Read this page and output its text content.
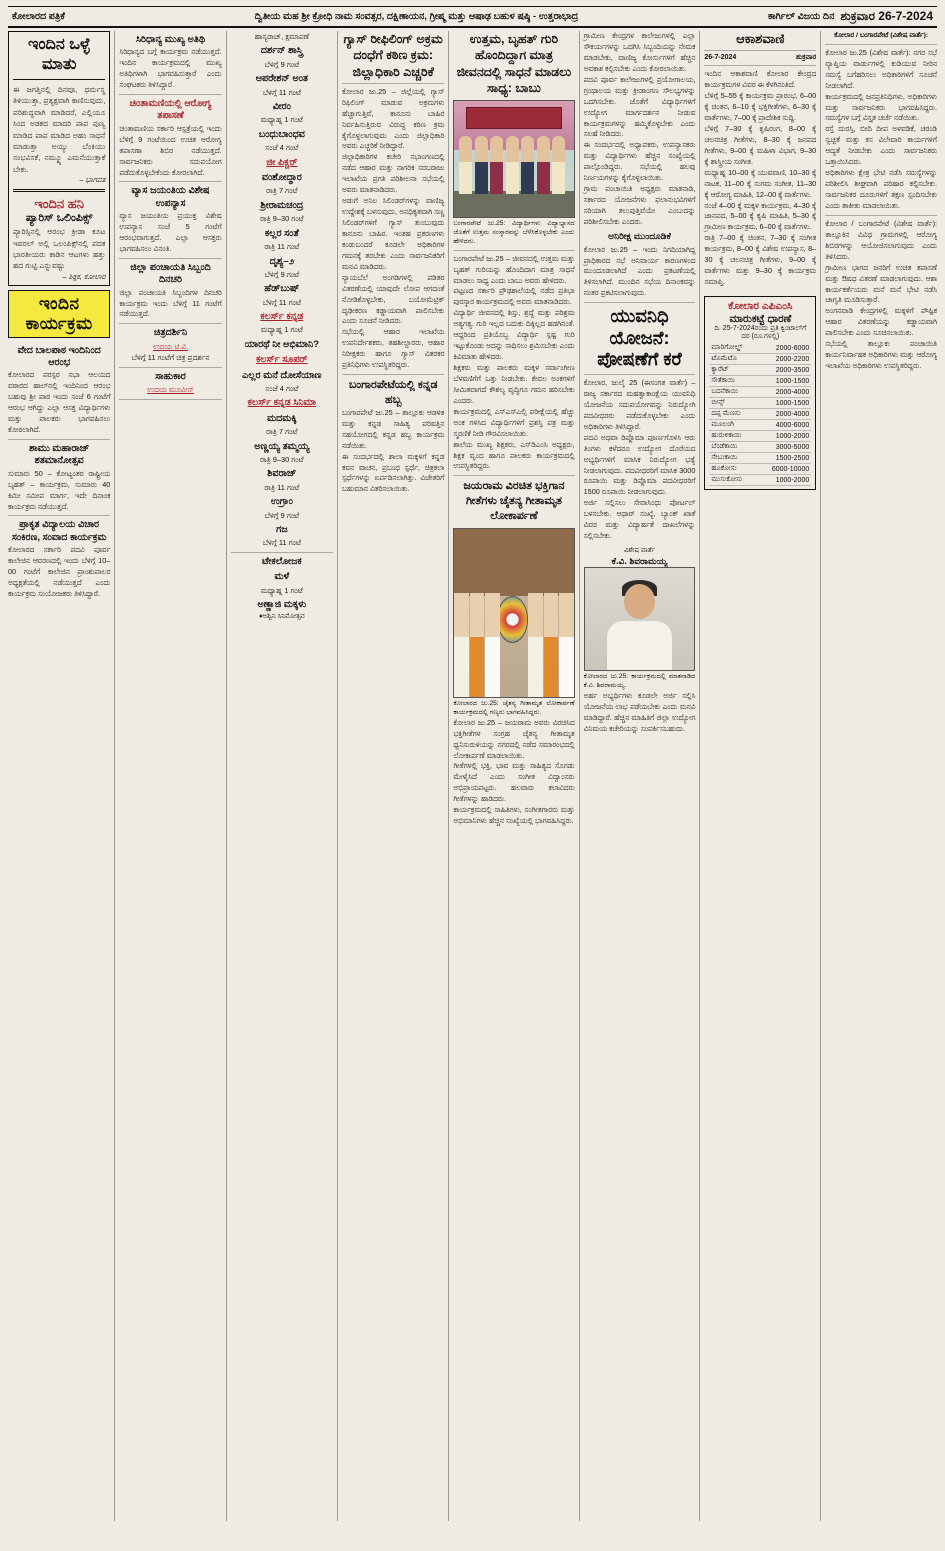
ಕೋಲಾರದ ಪತ್ರಿಕೆ	ದ್ವಿತೀಯ ಮಹ ಶ್ರೀ ಕ್ರೋಧಿ ನಾಮ ಸಂವತ್ಸರ, ದಕ್ಷಿಣಾಯನ, ಗ್ರೀಷ್ಮ ಮತ್ತು ಆಷಾಢ ಬಹುಳ ಷಷ್ಠಿ - ಉತ್ತರಾಭಾದ್ರ	ಕಾರ್ಗಿಲ್ ವಿಜಯ ದಿನ ಶುಕ್ರವಾರ 26-7-2024
ಇಂದಿನ ಒಳ್ಳೆ ಮಾತು
ಈ ಜಗತ್ತಿನಲ್ಲಿ ದಿನವೂ, ಧರ್ಮಸ್ಥ ತಿಳಿಯುತ್ತಾ, ಪ್ರತ್ಯಕ್ಷವಾಗಿ ಕಾಣಿಸುವುದು, ಪರಿಶುದ್ಧವಾಗಿ ಮಾಡಿದರೆ, ಎಲ್ಲಿಯೂ ಸಿಂದ ಅಡಕದ ಮಾದರಿ ಪಾಪ ಪುಣ್ಯ ಮಾಡಿದ ಪಾಪ ಮಾಡಿದ ಅಹಂ ಸಾಧನೆ ಮಾಡುತ್ತಾ ಅಯ್ಯು ಬೆಂಕಿಯು ಸಂಭವಿಸಕೆ, ನಮ್ಮ್ಯೂ ಎಮನೆಯುತ್ತಾಕೆ ಬೇಕು.
– ಭಾಗವತ
ಇಂದಿನ ಹನಿ
ಪ್ಯಾರಿಸ್ ಒಲಿಂಪಿಕ್ಸ್
ಪ್ಯಾರಿಸ್ಸಿನಲ್ಲಿ ಆರಂಭ ಕ್ರೀಡಾ ಕೂಟ ಇವರಲ್ ಅಲ್ಲಿ ಒಲಂಪಿಕ್ಸ್‌ನಲ್ಲಿ ಪದಕ ಭಾರತೀಯರು ಕಾಡಿನ ಆಟಗಳು ಹತ್ತು ಹದ ಗುಟ್ಟಿ ಎನ್ನುವಷ್ಟು
– ಶಿಕ್ಷಕ, ಕೋಲಾರ
ಇಂದಿನ ಕಾರ್ಯಕ್ರಮ
ವೇದ ಬಾಲಪಾಠ ಇಂದಿನಿಂದ ಆರಂಭ
ಕೋಲಾರದ ಪರಸ್ಪರ ಸಭಾ ಆಲಯದ ವಠಾರದ ಹಾಲ್‌ನಲ್ಲಿ ಇಂದಿನಿಂದ ಆರಂಭ ಬಹುವು ಶ್ರೀ ಪಾಠ ಇಂದು ಸಂಜೆ 6 ಗಂಟೆಗೆ ಆರಂಭ ಆಗಿದ್ದು ಎಲ್ಲಾ ಆಸಕ್ತ ವಿದ್ಯಾರ್ಥಿಗಳು ಮತ್ತು ಪಾಲಕರು ಭಾಗವಹಿಸಲು ಕೋರಲಾಗಿದೆ.
ಶಾಮು ಮಹಾರಾಜ್ ಶತಮಾನೋತ್ಸವ
ಸುಮಾರು 50 – ಕೋಟ್ಯಂತರ ರಾಷ್ಟ್ರೀಯ ಬೃಹತ್ – ಕಾರ್ಯಕ್ರಮ, ಸುಮಾರು 40 ಕಿಮೀ ಸಮೀಪ ಮಾರ್ಗ, ಇದೇ ದಿನಾಂಕ ಕಾರ್ಯಕ್ರಮ ನಡೆಯುತ್ತದೆ.
ಪ್ರಾಕೃತ ವಿದ್ಯಾಲಯ ವಿಚಾರ ಸಂಕಿರಣ, ಸಂವಾದ ಕಾರ್ಯಕ್ರಮ
ಕೋಲಾರದ ಸರ್ಕಾರಿ ಪದವಿ ಪೂರ್ವ ಕಾಲೇಜಿನ ಆವರಣದಲ್ಲಿ ಇಂದು ಬೆಳಿಗ್ಗೆ 10–00 ಗಂಟೆಗೆ ಕಾಲೇಜಿನ ಪ್ರಾಂಶುಪಾಲರ ಅಧ್ಯಕ್ಷತೆಯಲ್ಲಿ ನಡೆಯುತ್ತದೆ ಎಂದು ಕಾರ್ಯಕ್ರಮ ಸಂಯೋಜಕರು ತಿಳಿಸಿದ್ದಾರೆ.
ಸಿರಿಧಾನ್ಯ ಮುಖ್ಯ ಅತಿಥಿ
ಸಿರಿಧಾನ್ಯದ ಬಗ್ಗೆ ಕಾರ್ಯಕ್ರಮ ನಡೆಯುತ್ತದೆ. ಇಂದಿನ ಕಾರ್ಯಕ್ರಮದಲ್ಲಿ ಮುಖ್ಯ ಅತಿಥಿಗಳಾಗಿ ಭಾಗವಹಿಸುತ್ತಾರೆ ಎಂದು ಸಂಘಟಕರು ತಿಳಿಸಿದ್ದಾರೆ.
ಚಿಂತಾಮಣಿಯಲ್ಲಿ ಆರೋಗ್ಯ ತಪಾಸಣೆ
ಚಿಂತಾಮಣಿಯ ಸರ್ಕಾರಿ ಆಸ್ಪತ್ರೆಯಲ್ಲಿ ಇಂದು ಬೆಳಿಗ್ಗೆ 9 ಗಂಟೆಯಿಂದ ಉಚಿತ ಆರೋಗ್ಯ ತಪಾಸಣಾ ಶಿಬಿರ ನಡೆಯುತ್ತದೆ. ಸಾರ್ವಜನಿಕರು ಸದುಪಯೋಗ ಪಡೆದುಕೊಳ್ಳಬೇಕೆಂದು ಕೋರಲಾಗಿದೆ.
ವ್ಯಾಸ ಜಯಂತಿಯ ವಿಶೇಷ ಉಪನ್ಯಾಸ
ವ್ಯಾಸ ಜಯಂತಿಯ ಪ್ರಯುಕ್ತ ವಿಶೇಷ ಉಪನ್ಯಾಸ ಸಂಜೆ 5 ಗಂಟೆಗೆ ಆರಂಭವಾಗುತ್ತದೆ. ಎಲ್ಲಾ ಆಸಕ್ತರು ಭಾಗವಹಿಸಲು ವಿನಂತಿ.
ಜಿಲ್ಲಾ ಪಂಚಾಯತಿ ಸಿಬ್ಬಂದಿ ದಿನಚರಿ
ಜಿಲ್ಲಾ ಪಂಚಾಯತಿ ಸಿಬ್ಬಂದಿಗಳ ದಿನಚರಿ ಕಾರ್ಯಕ್ರಮ ಇಂದು ಬೆಳಿಗ್ಗೆ 11 ಗಂಟೆಗೆ ನಡೆಯುತ್ತದೆ.
ಚಿತ್ರದರ್ಶಿನಿ
ಉದಯ ಟಿ.ವಿ.
ಬೆಳಿಗ್ಗೆ 11 ಗಂಟೆಗೆ ಚಿತ್ರ ಪ್ರದರ್ಶನ
ಸಾಹುಕಾರ
ಉದಯ ಮೂವೀಸ್
ಹಾಸ್ಯರಾಜ್, ಕ್ಷಮಾಪಣೆ
ದರ್ಶನ್ ಶಾಸ್ತ್ರಿ
ಬೆಳಿಗ್ಗೆ 9 ಗಂಟೆ
ಆಪರೇಶನ್ ಅಂತ
ಬೆಳಿಗ್ಗೆ 11 ಗಂಟೆ
ವೀರಂ
ಮಧ್ಯಾಹ್ನ 1 ಗಂಟೆ
ಬಂಧುಬಾಂಧವ
ಸಂಜೆ 4 ಗಂಟೆ
ಜೀ ಪಿಕ್ಚರ್
ವಂಶೋದ್ಧಾರ
ರಾತ್ರಿ 7 ಗಂಟೆ
ಶ್ರೀರಾಮಚಂದ್ರ
ರಾತ್ರಿ 9–30 ಗಂಟೆ
ಕಲ್ಲರ ಸಂತೆ
ರಾತ್ರಿ 11 ಗಂಟೆ
ದೃಶ್ಯ–೨
ಬೆಳಿಗ್ಗೆ 9 ಗಂಟೆ
ಹೆಡ್‌ಬುಷ್
ಬೆಳಿಗ್ಗೆ 11 ಗಂಟೆ
ಕಲರ್ಸ್ ಕನ್ನಡ
ಮಧ್ಯಾಹ್ನ 1 ಗಂಟೆ
ಯಾರಥೆ ನೀ ಅಭಿಮಾನಿ?
ಕಲರ್ಸ್ ಸೂಪರ್
ಎಲ್ಲರ ಮನೆ ದೋಸೆಯಾಣ
ಸಂಜೆ 4 ಗಂಟೆ
ಕಲರ್ಸ್ ಕನ್ನಡ ಸಿನಿಮಾ
ಮದಮಕ್ಕಿ
ರಾತ್ರಿ 7 ಗಂಟೆ
ಅಣ್ಣಯ್ಯ ತಮ್ಮಯ್ಯ
ರಾತ್ರಿ 9–30 ಗಂಟೆ
ಶಿವರಾಜ್
ರಾತ್ರಿ 11 ಗಂಟೆ
ಉಗ್ರಾಂ
ಬೆಳಿಗ್ಗೆ 9 ಗಂಟೆ
ಗಜ
ಬೆಳಿಗ್ಗೆ 11 ಗಂಟೆ
ಟೇಕಲೋಜಕ
ಮಳೆ
ಮಧ್ಯಾಹ್ನ 1 ಗಂಟೆ
ಅಣ್ಣಾಜಿ ಮಕ್ಕಳು
♦ಅಶ್ವಿನಿ ಸಿನಿಮೋತ್ಸವ
ಗ್ಯಾಸ್ ರೀಫಿಲಿಂಗ್ ಅಕ್ರಮ ದಂಧೆಗೆ ಕಠಿಣ ಕ್ರಮ: ಜಿಲ್ಲಾಧಿಕಾರಿ ಎಚ್ಚರಿಕೆ
ಕೋಲಾರ ಜು.25 – ಜಿಲ್ಲೆಯಲ್ಲಿ ಗ್ಯಾಸ್ ರಿಫಿಲಿಂಗ್ ಮಾಡುವ ಅಕ್ರಮಗಳು ಹೆಚ್ಚಾಗುತ್ತಿವೆ, ಕಾನೂನು ಬಾಹಿರ ನಿರ್ವಹಿಸುತ್ತಿರುವ ವಿರುದ್ಧ ಕಠಿಣ ಕ್ರಮ ಕೈಗೊಳ್ಳಲಾಗುವುದು ಎಂದು ಜಿಲ್ಲಾಧಿಕಾರಿ ಅವರು ಎಚ್ಚರಿಕೆ ನೀಡಿದ್ದಾರೆ.
ಜಿಲ್ಲಾಧಿಕಾರಿಗಳ ಕಚೇರಿ ಸಭಾಂಗಣದಲ್ಲಿ ನಡೆದ ಆಹಾರ ಮತ್ತು ನಾಗರಿಕ ಸರಬರಾಜು ಇಲಾಖೆಯ ಪ್ರಗತಿ ಪರಿಶೀಲನಾ ಸಭೆಯಲ್ಲಿ ಅವರು ಮಾತನಾಡಿದರು.
ಅಡುಗೆ ಅನಿಲ ಸಿಲಿಂಡರ್‌ಗಳನ್ನು ವಾಣಿಜ್ಯ ಉದ್ದೇಶಕ್ಕೆ ಬಳಸುವುದು, ಅನಧಿಕೃತವಾಗಿ ಸಣ್ಣ ಸಿಲಿಂಡರ್‌ಗಳಿಗೆ ಗ್ಯಾಸ್ ತುಂಬುವುದು ಕಾನೂನು ಬಾಹಿರ. ಇಂತಹ ಪ್ರಕರಣಗಳು ಕಂಡುಬಂದರೆ ಕೂಡಲೇ ಅಧಿಕಾರಿಗಳ ಗಮನಕ್ಕೆ ತರಬೇಕು ಎಂದು ಸಾರ್ವಜನಿಕರಿಗೆ ಮನವಿ ಮಾಡಿದರು.
ನ್ಯಾಯಬೆಲೆ ಅಂಗಡಿಗಳಲ್ಲಿ ಪಡಿತರ ವಿತರಣೆಯಲ್ಲಿ ಯಾವುದೇ ಲೋಪ ಆಗದಂತೆ ನೋಡಿಕೊಳ್ಳಬೇಕು, ಬಯೋಮೆಟ್ರಿಕ್ ದೃಢೀಕರಣ ಕಡ್ಡಾಯವಾಗಿ ಪಾಲಿಸಬೇಕು ಎಂದು ಸೂಚನೆ ನೀಡಿದರು.
ಸಭೆಯಲ್ಲಿ ಆಹಾರ ಇಲಾಖೆಯ ಉಪನಿರ್ದೇಶಕರು, ತಹಶೀಲ್ದಾರರು, ಆಹಾರ ನಿರೀಕ್ಷಕರು ಹಾಗೂ ಗ್ಯಾಸ್ ವಿತರಕರ ಪ್ರತಿನಿಧಿಗಳು ಉಪಸ್ಥಿತರಿದ್ದರು.
ಬಂಗಾರಪೇಟೆಯಲ್ಲಿ ಕನ್ನಡ ಹಬ್ಬ
ಬಂಗಾರಪೇಟೆ ಜು.25 – ತಾಲ್ಲೂಕು ಆಡಳಿತ ಮತ್ತು ಕನ್ನಡ ಸಾಹಿತ್ಯ ಪರಿಷತ್ತಿನ ಸಹಯೋಗದಲ್ಲಿ ಕನ್ನಡ ಹಬ್ಬ ಕಾರ್ಯಕ್ರಮ ನಡೆಯಿತು.
ಈ ಸಂದರ್ಭದಲ್ಲಿ ಶಾಲಾ ಮಕ್ಕಳಿಗೆ ಕನ್ನಡ ಕವನ ವಾಚನ, ಪ್ರಬಂಧ ಸ್ಪರ್ಧೆ, ಚಿತ್ರಕಲಾ ಸ್ಪರ್ಧೆಗಳನ್ನು ಏರ್ಪಡಿಸಲಾಗಿತ್ತು. ವಿಜೇತರಿಗೆ ಬಹುಮಾನ ವಿತರಿಸಲಾಯಿತು.
ಉತ್ತಮ, ಬೃಹತ್ ಗುರಿ ಹೊಂದಿದ್ದಾಗ ಮಾತ್ರ ಜೀವನದಲ್ಲಿ ಸಾಧನೆ ಮಾಡಲು ಸಾಧ್ಯ: ಬಾಬು
ಬಂಗಾರಪೇಟೆ ಜು.25: ವಿದ್ಯಾರ್ಥಿಗಳು ವಿದ್ಯಾಭ್ಯಾಸದ ಜೊತೆಗೆ ಉತ್ತಮ ಸಂಸ್ಕಾರವನ್ನು ಬೆಳೆಸಿಕೊಳ್ಳಬೇಕು ಎಂದು ಹೇಳಿದರು.
ಬಂಗಾರಪೇಟೆ ಜು.25 – ಜೀವನದಲ್ಲಿ ಉತ್ತಮ ಮತ್ತು ಬೃಹತ್ ಗುರಿಯನ್ನು ಹೊಂದಿದಾಗ ಮಾತ್ರ ಸಾಧನೆ ಮಾಡಲು ಸಾಧ್ಯ ಎಂದು ಬಾಬು ಅವರು ಹೇಳಿದರು.
ಪಟ್ಟಣದ ಸರ್ಕಾರಿ ಪ್ರೌಢಶಾಲೆಯಲ್ಲಿ ನಡೆದ ಪ್ರತಿಭಾ ಪುರಸ್ಕಾರ ಕಾರ್ಯಕ್ರಮದಲ್ಲಿ ಅವರು ಮಾತನಾಡಿದರು.
ವಿದ್ಯಾರ್ಥಿ ಜೀವನದಲ್ಲಿ ಶಿಸ್ತು, ಶ್ರದ್ಧೆ ಮತ್ತು ಪರಿಶ್ರಮ ಅತ್ಯಗತ್ಯ. ಗುರಿ ಇಲ್ಲದ ಬದುಕು ದಿಕ್ಕಿಲ್ಲದ ಹಡಗಿನಂತೆ. ಆದ್ದರಿಂದ ಪ್ರತಿಯೊಬ್ಬ ವಿದ್ಯಾರ್ಥಿ ಸ್ಪಷ್ಟ ಗುರಿ ಇಟ್ಟುಕೊಂಡು ಅದನ್ನು ಸಾಧಿಸಲು ಶ್ರಮಿಸಬೇಕು ಎಂದು ಕಿವಿಮಾತು ಹೇಳಿದರು.
ಶಿಕ್ಷಕರು ಮತ್ತು ಪಾಲಕರು ಮಕ್ಕಳ ಸರ್ವಾಂಗೀಣ ಬೆಳವಣಿಗೆಗೆ ಒತ್ತು ನೀಡಬೇಕು. ಕೇವಲ ಅಂಕಗಳಿಗೆ ಸೀಮಿತವಾಗದೆ ಕೌಶಲ್ಯ ವೃದ್ಧಿಗೂ ಗಮನ ಹರಿಸಬೇಕು ಎಂದರು.
ಕಾರ್ಯಕ್ರಮದಲ್ಲಿ ಎಸ್ಎಸ್ಎಲ್ಸಿ ಪರೀಕ್ಷೆಯಲ್ಲಿ ಹೆಚ್ಚು ಅಂಕ ಗಳಿಸಿದ ವಿದ್ಯಾರ್ಥಿಗಳಿಗೆ ಪ್ರಶಸ್ತಿ ಪತ್ರ ಮತ್ತು ಸ್ಮರಣಿಕೆ ನೀಡಿ ಗೌರವಿಸಲಾಯಿತು.
ಶಾಲೆಯ ಮುಖ್ಯ ಶಿಕ್ಷಕರು, ಎಸ್‌ಡಿಎಂಸಿ ಅಧ್ಯಕ್ಷರು, ಶಿಕ್ಷಕ ವೃಂದ ಹಾಗೂ ಪಾಲಕರು ಕಾರ್ಯಕ್ರಮದಲ್ಲಿ ಉಪಸ್ಥಿತರಿದ್ದರು.
ಜಯರಾಮ ವಿರಚಿತ ಭಕ್ತಿಗಾನ ಗೀತೆಗಳು ಚೈತನ್ಯ ಗೀತಾಮೃತ ಲೋಕಾರ್ಪಣೆ
ಕೋಲಾರದ ಜು.25: ಚೈತನ್ಯ ಗೀತಾಮೃತ ಲೋಕಾರ್ಪಣೆ ಕಾರ್ಯಕ್ರಮದಲ್ಲಿ ಗಣ್ಯರು ಭಾಗವಹಿಸಿದ್ದರು.
ಕೋಲಾರ ಜು.25 – ಜಯರಾಮ ಅವರು ವಿರಚಿಸಿದ ಭಕ್ತಿಗೀತೆಗಳ ಸಂಗ್ರಹ ಚೈತನ್ಯ ಗೀತಾಮೃತ ಧ್ವನಿಸುರುಳಿಯನ್ನು ನಗರದಲ್ಲಿ ನಡೆದ ಸಮಾರಂಭದಲ್ಲಿ ಲೋಕಾರ್ಪಣೆ ಮಾಡಲಾಯಿತು.
ಗೀತೆಗಳಲ್ಲಿ ಭಕ್ತಿ, ಭಾವ ಮತ್ತು ಸಾಹಿತ್ಯದ ಸೊಗಡು ಮೇಳೈಸಿದೆ ಎಂದು ಸಂಗೀತ ವಿದ್ವಾಂಸರು ಅಭಿಪ್ರಾಯಪಟ್ಟರು. ಹಲವಾರು ಕಲಾವಿದರು ಗೀತೆಗಳನ್ನು ಹಾಡಿದರು.
ಕಾರ್ಯಕ್ರಮದಲ್ಲಿ ಸಾಹಿತಿಗಳು, ಸಂಗೀತಗಾರರು ಮತ್ತು ಅಭಿಮಾನಿಗಳು ಹೆಚ್ಚಿನ ಸಂಖ್ಯೆಯಲ್ಲಿ ಭಾಗವಹಿಸಿದ್ದರು.
ಗ್ರಾಮೀಣ ಕೇಂದ್ರಗಳ ಕಾಲೇಜುಗಳಲ್ಲಿ ಎಲ್ಲಾ ಸೌಕರ್ಯಗಳನ್ನು ಒದಗಿಸಿ ಸಿಬ್ಬಂದಿಯನ್ನು ನೇಮಕ ಮಾಡಬೇಕು, ವಾಣಿಜ್ಯ ಕೋರ್ಸುಗಳಿಗೆ ಹೆಚ್ಚಿನ ಅವಕಾಶ ಕಲ್ಪಿಸಬೇಕು ಎಂದು ಕೋರಲಾಯಿತು.
ಪದವಿ ಪೂರ್ವ ಕಾಲೇಜುಗಳಲ್ಲಿ ಪ್ರಯೋಗಾಲಯ, ಗ್ರಂಥಾಲಯ ಮತ್ತು ಕ್ರೀಡಾಂಗಣ ಸೌಲಭ್ಯಗಳನ್ನು ಒದಗಿಸಬೇಕು. ಜೊತೆಗೆ ವಿದ್ಯಾರ್ಥಿಗಳಿಗೆ ಉದ್ಯೋಗ ಮಾರ್ಗದರ್ಶನ ನೀಡುವ ಕಾರ್ಯಕ್ರಮಗಳನ್ನು ಹಮ್ಮಿಕೊಳ್ಳಬೇಕು ಎಂದು ಸಲಹೆ ನೀಡಿದರು.
ಈ ಸಂದರ್ಭದಲ್ಲಿ ಅಧ್ಯಾಪಕರು, ಉಪನ್ಯಾಸಕರು ಮತ್ತು ವಿದ್ಯಾರ್ಥಿಗಳು ಹೆಚ್ಚಿನ ಸಂಖ್ಯೆಯಲ್ಲಿ ಪಾಲ್ಗೊಂಡಿದ್ದರು. ಸಭೆಯಲ್ಲಿ ಹಲವು ನಿರ್ಣಯಗಳನ್ನು ಕೈಗೊಳ್ಳಲಾಯಿತು.
ಗ್ರಾಮ ಪಂಚಾಯಿತಿ ಅಧ್ಯಕ್ಷರು ಮಾತನಾಡಿ, ಸರ್ಕಾರದ ಯೋಜನೆಗಳು ಫಲಾನುಭವಿಗಳಿಗೆ ಸರಿಯಾಗಿ ತಲುಪುತ್ತಿವೆಯೇ ಎಂಬುದನ್ನು ಪರಿಶೀಲಿಸಬೇಕು ಎಂದರು.
ಅನಿರೀಕ್ಷ ಮುಂದೂಡಿಕೆ
ಕೋಲಾರ ಜು.25 – ಇಂದು ನಿಗದಿಯಾಗಿದ್ದ ಪ್ರಾಧಿಕಾರದ ಸಭೆ ಅನಿವಾರ್ಯ ಕಾರಣಗಳಿಂದ ಮುಂದೂಡಲಾಗಿದೆ ಎಂದು ಪ್ರಕಟಣೆಯಲ್ಲಿ ತಿಳಿಸಲಾಗಿದೆ. ಮುಂದಿನ ಸಭೆಯ ದಿನಾಂಕವನ್ನು ನಂತರ ಪ್ರಕಟಿಸಲಾಗುವುದು.
ಯುವನಿಧಿ ಯೋಜನೆ: ಪೋಷಣೆಗೆ ಕರೆ
ಕೋಲಾರ, ಜುಲೈ 25 (ಈಸಂಗತ ವಾರ್ತೆ) – ರಾಜ್ಯ ಸರ್ಕಾರದ ಮಹತ್ವಾಕಾಂಕ್ಷೆಯ ಯುವನಿಧಿ ಯೋಜನೆಯ ಸದುಪಯೋಗವನ್ನು ನಿರುದ್ಯೋಗಿ ಪದವೀಧರರು ಪಡೆದುಕೊಳ್ಳಬೇಕು ಎಂದು ಅಧಿಕಾರಿಗಳು ತಿಳಿಸಿದ್ದಾರೆ.
ಪದವಿ ಅಥವಾ ಡಿಪ್ಲೊಮಾ ಪೂರ್ಣಗೊಳಿಸಿ ಆರು ತಿಂಗಳು ಕಳೆದರೂ ಉದ್ಯೋಗ ದೊರೆಯದ ಅಭ್ಯರ್ಥಿಗಳಿಗೆ ಮಾಸಿಕ ನಿರುದ್ಯೋಗ ಭತ್ಯೆ ನೀಡಲಾಗುವುದು. ಪದವೀಧರರಿಗೆ ಮಾಸಿಕ 3000 ರೂಪಾಯಿ ಮತ್ತು ಡಿಪ್ಲೊಮಾ ಪದವೀಧರರಿಗೆ 1500 ರೂಪಾಯಿ ನೀಡಲಾಗುವುದು.
ಅರ್ಜಿ ಸಲ್ಲಿಸಲು ಸೇವಾಸಿಂಧು ಪೋರ್ಟಲ್ ಬಳಸಬೇಕು. ಆಧಾರ್ ಸಂಖ್ಯೆ, ಬ್ಯಾಂಕ್ ಖಾತೆ ವಿವರ ಮತ್ತು ವಿದ್ಯಾರ್ಹತೆ ದಾಖಲೆಗಳನ್ನು ಸಲ್ಲಿಸಬೇಕು.
ವಿಶೇಷ ವಾರ್ತೆ
ಕೆ.ವಿ. ಶಿವರಾಮಯ್ಯ
ಕೋಲಾರದ ಜು.25: ಕಾರ್ಯಕ್ರಮದಲ್ಲಿ ಮಾತನಾಡಿದ ಕೆ.ವಿ. ಶಿವರಾಮಯ್ಯ.
ಅರ್ಹ ಅಭ್ಯರ್ಥಿಗಳು ಕೂಡಲೇ ಅರ್ಜಿ ಸಲ್ಲಿಸಿ ಯೋಜನೆಯ ಲಾಭ ಪಡೆಯಬೇಕು ಎಂದು ಮನವಿ ಮಾಡಿದ್ದಾರೆ. ಹೆಚ್ಚಿನ ಮಾಹಿತಿಗೆ ಜಿಲ್ಲಾ ಉದ್ಯೋಗ ವಿನಿಮಯ ಕಚೇರಿಯನ್ನು ಸಂಪರ್ಕಿಸಬಹುದು.
ಆಕಾಶವಾಣಿ
26-7-2024	ಶುಕ್ರವಾರ
ಇಂದಿನ ಆಕಾಶವಾಣಿ ಕೋಲಾರ ಕೇಂದ್ರದ ಕಾರ್ಯಕ್ರಮಗಳ ವಿವರ ಈ ಕೆಳಗಿನಂತಿದೆ.
ಬೆಳಿಗ್ಗೆ 5–55 ಕ್ಕೆ ಕಾರ್ಯಕ್ರಮ ಪ್ರಾರಂಭ, 6–00 ಕ್ಕೆ ಚಿಂತನ, 6–10 ಕ್ಕೆ ಭಕ್ತಿಗೀತೆಗಳು, 6–30 ಕ್ಕೆ ವಾರ್ತೆಗಳು, 7–00 ಕ್ಕೆ ಪ್ರಾದೇಶಿಕ ಸುದ್ದಿ.
ಬೆಳಿಗ್ಗೆ 7–30 ಕ್ಕೆ ಕೃಷಿರಂಗ, 8–00 ಕ್ಕೆ ಚಲನಚಿತ್ರ ಗೀತೆಗಳು, 8–30 ಕ್ಕೆ ಜನಪದ ಗೀತೆಗಳು, 9–00 ಕ್ಕೆ ಮಹಿಳಾ ವಿಭಾಗ, 9–30 ಕ್ಕೆ ಶಾಸ್ತ್ರೀಯ ಸಂಗೀತ.
ಮಧ್ಯಾಹ್ನ 10–00 ಕ್ಕೆ ಯುವವಾಣಿ, 10–30 ಕ್ಕೆ ನಾಟಕ, 11–00 ಕ್ಕೆ ಸುಗಮ ಸಂಗೀತ, 11–30 ಕ್ಕೆ ಆರೋಗ್ಯ ಮಾಹಿತಿ, 12–00 ಕ್ಕೆ ವಾರ್ತೆಗಳು.
ಸಂಜೆ 4–00 ಕ್ಕೆ ಮಕ್ಕಳ ಕಾರ್ಯಕ್ರಮ, 4–30 ಕ್ಕೆ ಜಾನಪದ, 5–00 ಕ್ಕೆ ಕೃಷಿ ಮಾಹಿತಿ, 5–30 ಕ್ಕೆ ಗ್ರಾಮೀಣ ಕಾರ್ಯಕ್ರಮ, 6–00 ಕ್ಕೆ ವಾರ್ತೆಗಳು.
ರಾತ್ರಿ 7–00 ಕ್ಕೆ ಚಿಂತನ, 7–30 ಕ್ಕೆ ಸಂಗೀತ ಕಾರ್ಯಕ್ರಮ, 8–00 ಕ್ಕೆ ವಿಶೇಷ ಉಪನ್ಯಾಸ, 8–30 ಕ್ಕೆ ಚಲನಚಿತ್ರ ಗೀತೆಗಳು, 9–00 ಕ್ಕೆ ವಾರ್ತೆಗಳು ಮತ್ತು 9–30 ಕ್ಕೆ ಕಾರ್ಯಕ್ರಮ ಸಮಾಪ್ತಿ.
ಕೋಲಾರ ಎಪಿಎಂಸಿ
ಮಾರುಕಟ್ಟೆ ಧಾರಣೆ
ದಿ. 25-7-2024ರಂದು ಪ್ರತಿ ಕ್ವಿಂಟಾಲ್‌ಗೆ ದರ (ರೂ.ಗಳಲ್ಲಿ)
ಮಾರಿಗೋಲ್ಡ್	2000-6000
ಟೊಮೆಟೊ	2000-2200
ಕ್ಯಾರೆಟ್	2000-3500
ಸೌತೆಕಾಯಿ	1000-1500
ಬದನೆಕಾಯಿ	2000-4000
ಬೀನ್ಸ್	1000-1500
ದಪ್ಪ ಮೆಣಸು	2000-4000
ಮೂಲಂಗಿ	4000-6000
ಹುರುಳಿಕಾಯಿ	1000-2000
ಬೆಂಡೆಕಾಯಿ	3000-5000
ಸೇಬುಕಾಯಿ	1500-2500
ಹೂಕೋಸು	6000-10000
ಮುಸುಕೋಸು	1000-2000
ಕೋಲಾರ / ಬಂಗಾರಪೇಟೆ (ವಿಶೇಷ ವಾರ್ತೆ):
ಕೋಲಾರ ಜು.25 (ವಿಶೇಷ ವಾರ್ತೆ): ನಗರ ಸಭೆ ವ್ಯಾಪ್ತಿಯ ವಾರ್ಡುಗಳಲ್ಲಿ ಕುಡಿಯುವ ನೀರಿನ ಸಮಸ್ಯೆ ಬಗೆಹರಿಸಲು ಅಧಿಕಾರಿಗಳಿಗೆ ಸೂಚನೆ ನೀಡಲಾಗಿದೆ.
ಕಾರ್ಯಕ್ರಮದಲ್ಲಿ ಜನಪ್ರತಿನಿಧಿಗಳು, ಅಧಿಕಾರಿಗಳು ಮತ್ತು ಸಾರ್ವಜನಿಕರು ಭಾಗವಹಿಸಿದ್ದರು. ಸಮಸ್ಯೆಗಳ ಬಗ್ಗೆ ವಿಸ್ತೃತ ಚರ್ಚೆ ನಡೆಯಿತು.
ರಸ್ತೆ ದುರಸ್ತಿ, ಬೀದಿ ದೀಪ ಅಳವಡಿಕೆ, ಚರಂಡಿ ಸ್ವಚ್ಛತೆ ಮತ್ತು ಕಸ ವಿಲೇವಾರಿ ಕಾರ್ಯಗಳಿಗೆ ಆದ್ಯತೆ ನೀಡಬೇಕು ಎಂದು ಸಾರ್ವಜನಿಕರು ಒತ್ತಾಯಿಸಿದರು.
ಅಧಿಕಾರಿಗಳು ಕ್ಷೇತ್ರ ಭೇಟಿ ನಡೆಸಿ ಸಮಸ್ಯೆಗಳನ್ನು ಪರಿಶೀಲಿಸಿ ಶೀಘ್ರವಾಗಿ ಪರಿಹಾರ ಕಲ್ಪಿಸಬೇಕು. ಸಾರ್ವಜನಿಕರ ದೂರುಗಳಿಗೆ ತಕ್ಷಣ ಸ್ಪಂದಿಸಬೇಕು ಎಂದು ತಾಕೀತು ಮಾಡಲಾಯಿತು.
ಕೋಲಾರ / ಬಂಗಾರಪೇಟೆ (ವಿಶೇಷ ವಾರ್ತೆ): ತಾಲ್ಲೂಕಿನ ವಿವಿಧ ಗ್ರಾಮಗಳಲ್ಲಿ ಆರೋಗ್ಯ ಶಿಬಿರಗಳನ್ನು ಆಯೋಜಿಸಲಾಗುವುದು ಎಂದು ತಿಳಿಸಿದರು.
ಗ್ರಾಮೀಣ ಭಾಗದ ಜನರಿಗೆ ಉಚಿತ ತಪಾಸಣೆ ಮತ್ತು ಔಷಧ ವಿತರಣೆ ಮಾಡಲಾಗುವುದು. ಆಶಾ ಕಾರ್ಯಕರ್ತೆಯರು ಮನೆ ಮನೆ ಭೇಟಿ ನಡೆಸಿ ಜಾಗೃತಿ ಮೂಡಿಸುತ್ತಾರೆ.
ಅಂಗನವಾಡಿ ಕೇಂದ್ರಗಳಲ್ಲಿ ಮಕ್ಕಳಿಗೆ ಪೌಷ್ಟಿಕ ಆಹಾರ ವಿತರಣೆಯನ್ನು ಕಡ್ಡಾಯವಾಗಿ ಪಾಲಿಸಬೇಕು ಎಂದು ಸೂಚಿಸಲಾಯಿತು.
ಸಭೆಯಲ್ಲಿ ತಾಲ್ಲೂಕು ಪಂಚಾಯಿತಿ ಕಾರ್ಯನಿರ್ವಾಹಕ ಅಧಿಕಾರಿಗಳು ಮತ್ತು ಆರೋಗ್ಯ ಇಲಾಖೆಯ ಅಧಿಕಾರಿಗಳು ಉಪಸ್ಥಿತರಿದ್ದರು.
